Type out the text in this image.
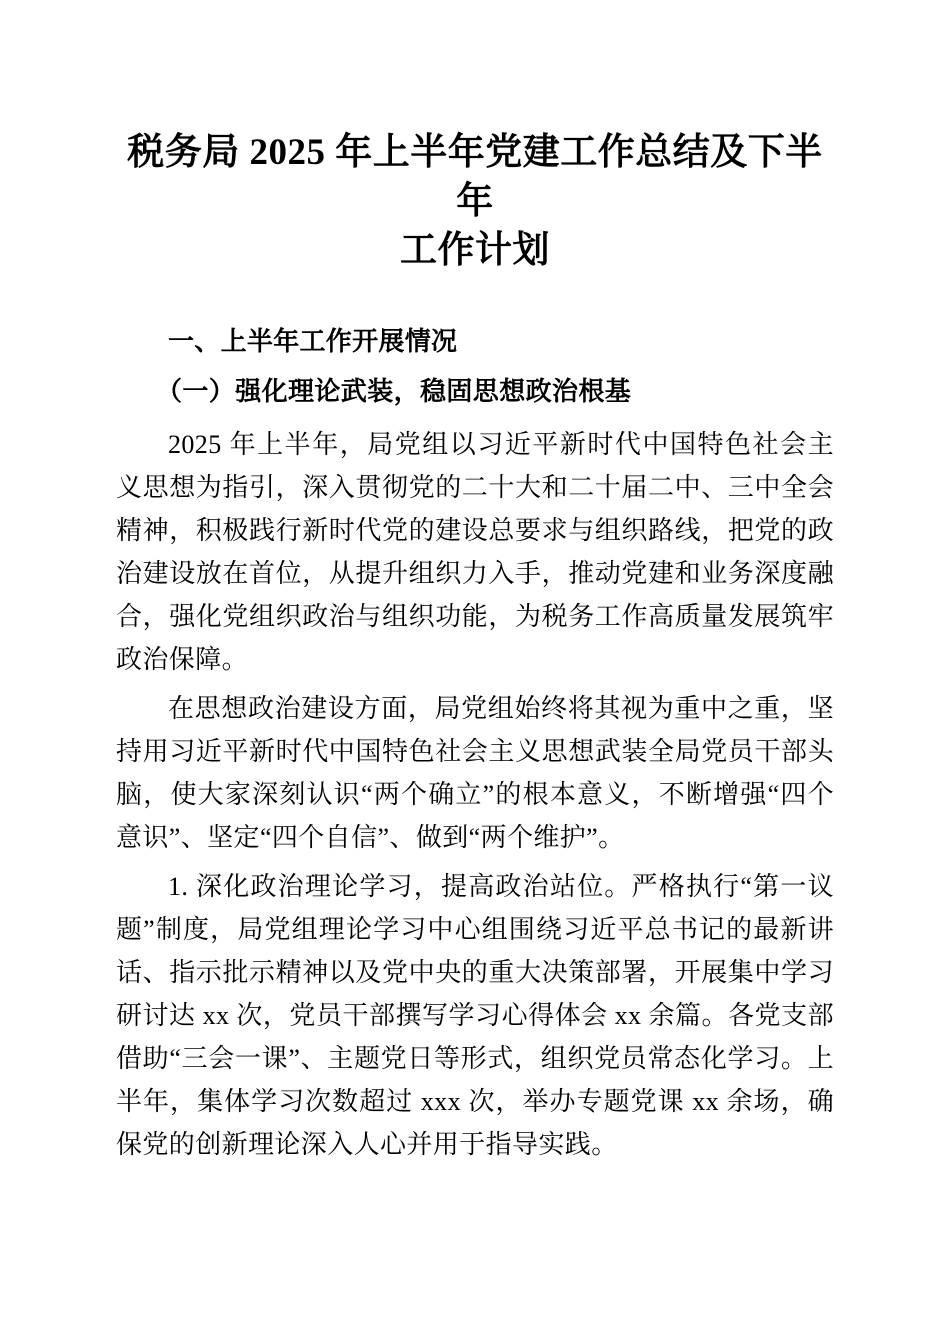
税务局 2025 年上半年党建工作总结及下半年
工作计划
一、上半年工作开展情况
（一）强化理论武装，稳固思想政治根基

2025 年上半年，局党组以习近平新时代中国特色社会主义思想为指引，深入贯彻党的二十大和二十届二中、三中全会精神，积极践行新时代党的建设总要求与组织路线，把党的政治建设放在首位，从提升组织力入手，推动党建和业务深度融合，强化党组织政治与组织功能，为税务工作高质量发展筑牢政治保障。

在思想政治建设方面，局党组始终将其视为重中之重，坚持用习近平新时代中国特色社会主义思想武装全局党员干部头脑，使大家深刻认识“两个确立”的根本意义，不断增强“四个意识”、坚定“四个自信”、做到“两个维护”。

1. 深化政治理论学习，提高政治站位。严格执行“第一议题”制度，局党组理论学习中心组围绕习近平总书记的最新讲话、指示批示精神以及党中央的重大决策部署，开展集中学习研讨达 xx 次，党员干部撰写学习心得体会 xx 余篇。各党支部借助“三会一课”、主题党日等形式，组织党员常态化学习。上半年，集体学习次数超过 xxx 次，举办专题党课 xx 余场，确保党的创新理论深入人心并用于指导实践。
